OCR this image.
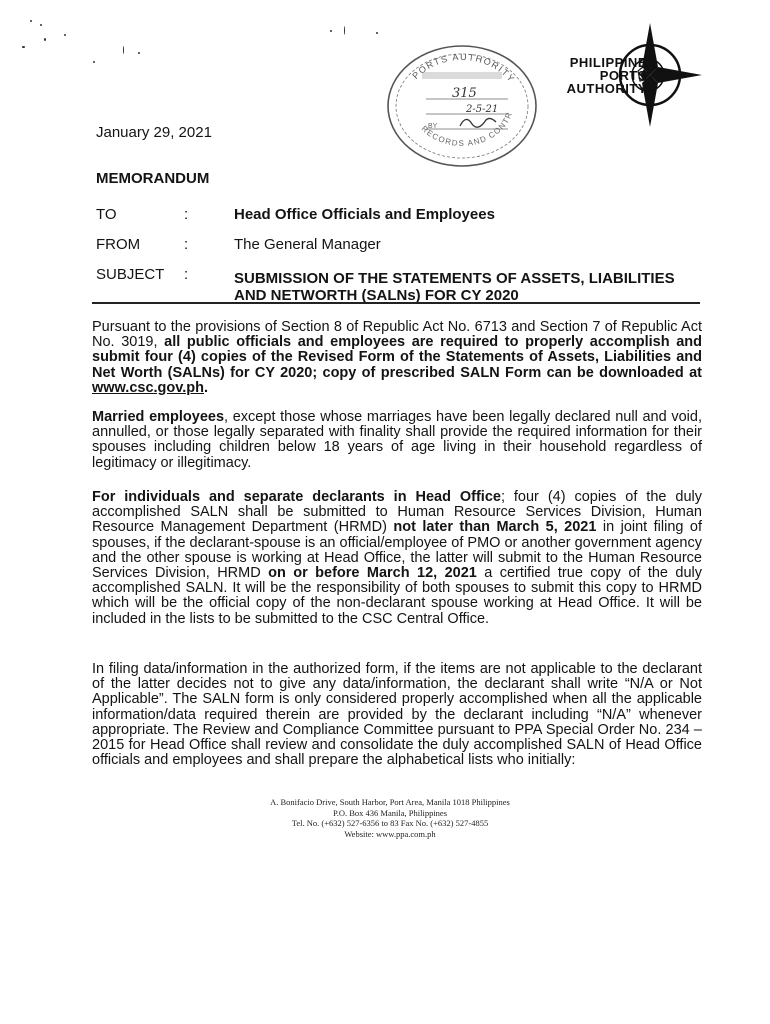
PHILIPPINE
PORTS
AUTHORITY
PORTS AUTHORITY
RECORDS AND CONTR
315
2-5-21
BY
January 29, 2021
MEMORANDUM
TO	:	Head Office Officials and Employees
FROM	:	The General Manager
SUBJECT :	SUBMISSION OF THE STATEMENTS OF ASSETS, LIABILITIES AND NETWORTH (SALNs) FOR CY 2020
Pursuant to the provisions of Section 8 of Republic Act No. 6713 and Section 7 of Republic Act No. 3019, all public officials and employees are required to properly accomplish and submit four (4) copies of the Revised Form of the Statements of Assets, Liabilities and Net Worth (SALNs) for CY 2020; copy of prescribed SALN Form can be downloaded at www.csc.gov.ph.
Married employees, except those whose marriages have been legally declared null and void, annulled, or those legally separated with finality shall provide the required information for their spouses including children below 18 years of age living in their household regardless of legitimacy or illegitimacy.
For individuals and separate declarants in Head Office; four (4) copies of the duly accomplished SALN shall be submitted to Human Resource Services Division, Human Resource Management Department (HRMD) not later than March 5, 2021 in joint filing of spouses, if the declarant-spouse is an official/employee of PMO or another government agency and the other spouse is working at Head Office, the latter will submit to the Human Resource Services Division, HRMD on or before March 12, 2021 a certified true copy of the duly accomplished SALN. It will be the responsibility of both spouses to submit this copy to HRMD which will be the official copy of the non-declarant spouse working at Head Office. It will be included in the lists to be submitted to the CSC Central Office.
In filing data/information in the authorized form, if the items are not applicable to the declarant of the latter decides not to give any data/information, the declarant shall write “N/A or Not Applicable”. The SALN form is only considered properly accomplished when all the applicable information/data required therein are provided by the declarant including “N/A” whenever appropriate. The Review and Compliance Committee pursuant to PPA Special Order No. 234 – 2015 for Head Office shall review and consolidate the duly accomplished SALN of Head Office officials and employees and shall prepare the alphabetical lists who initially:
A. Bonifacio Drive, South Harbor, Port Area, Manila 1018 Philippines
P.O. Box 436 Manila, Philippines
Tel. No. (+632) 527-6356 to 83 Fax No. (+632) 527-4855
Website: www.ppa.com.ph
